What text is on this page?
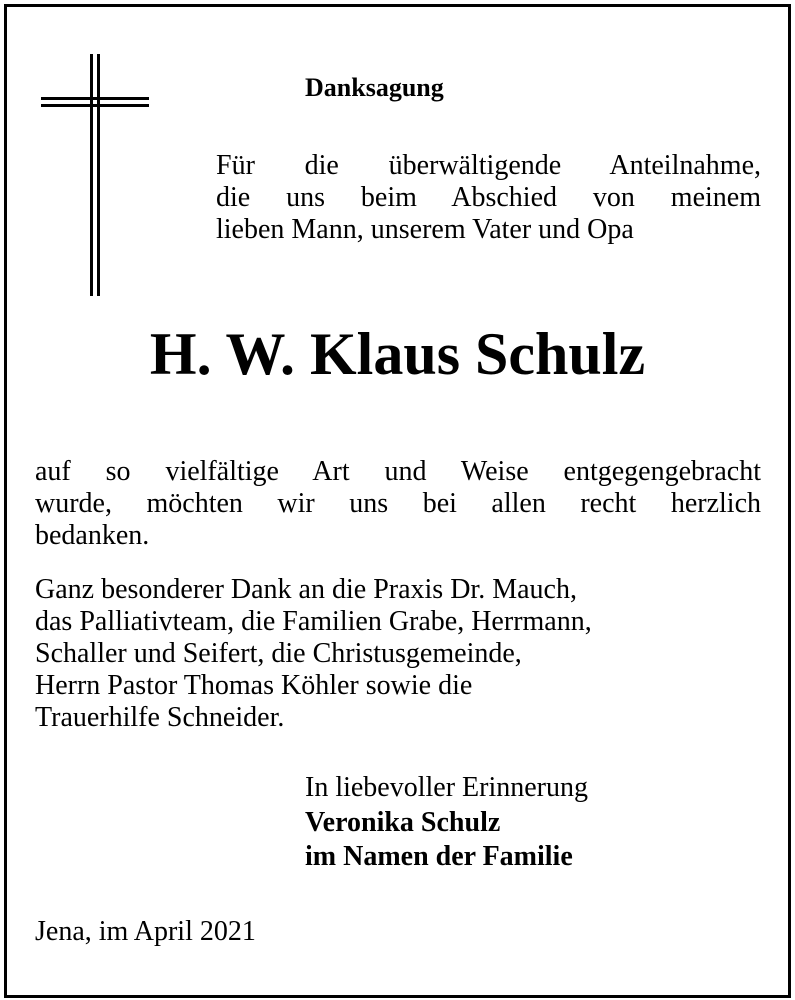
Danksagung
Für die überwältigende Anteilnahme,
die uns beim Abschied von meinem
lieben Mann, unserem Vater und Opa
H. W. Klaus Schulz
auf so vielfältige Art und Weise entgegengebracht
wurde, möchten wir uns bei allen recht herzlich
bedanken.
Ganz besonderer Dank an die Praxis Dr. Mauch,
das Palliativteam, die Familien Grabe, Herrmann,
Schaller und Seifert, die Christusgemeinde,
Herrn Pastor Thomas Köhler sowie die
Trauerhilfe Schneider.
In liebevoller Erinnerung
Veronika Schulz
im Namen der Familie
Jena, im April 2021
